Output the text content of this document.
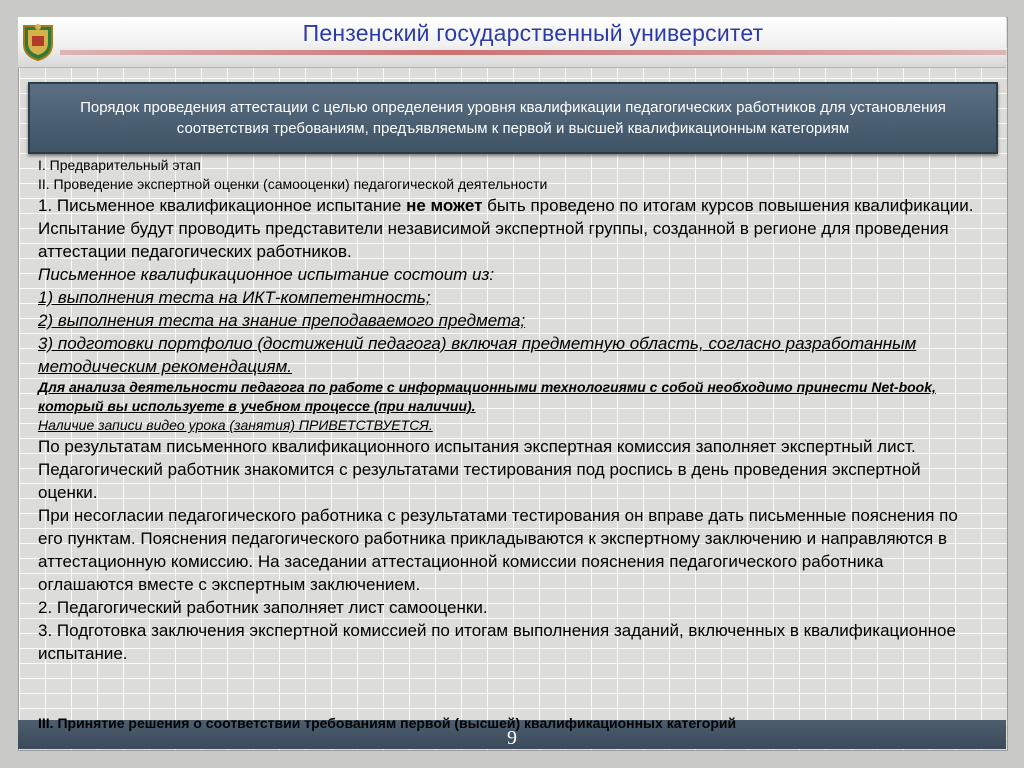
Пензенский государственный университет
Порядок проведения аттестации с целью определения уровня квалификации педагогических работников для установления соответствия требованиям, предъявляемым к первой и высшей квалификационным категориям
I. Предварительный этап
II. Проведение экспертной оценки (самооценки) педагогической деятельности
1. Письменное квалификационное испытание не может быть проведено по итогам курсов повышения квалификации. Испытание будут проводить представители независимой экспертной группы, созданной в регионе для проведения аттестации педагогических работников.
Письменное квалификационное испытание состоит из:
1) выполнения теста на ИКТ-компетентность;
2) выполнения теста на знание преподаваемого предмета;
3) подготовки портфолио (достижений педагога) включая предметную область, согласно разработанным методическим рекомендациям.
Для анализа деятельности педагога по работе с информационными технологиями с собой необходимо принести Net-book, который вы используете в учебном процессе (при наличии).
Наличие записи видео урока (занятия) ПРИВЕТСТВУЕТСЯ.
По результатам письменного квалификационного испытания экспертная комиссия заполняет экспертный лист. Педагогический работник знакомится с результатами тестирования под роспись в день проведения экспертной оценки.
При несогласии педагогического работника с результатами тестирования он вправе дать письменные пояснения по его пунктам. Пояснения педагогического работника прикладываются к экспертному заключению и направляются в аттестационную комиссию. На заседании аттестационной комиссии пояснения педагогического работника оглашаются вместе с экспертным заключением.
2. Педагогический работник заполняет лист самооценки.
3. Подготовка заключения экспертной комиссией по итогам выполнения заданий, включенных в квалификационное испытание.
III. Принятие решения о соответствии требованиям первой (высшей) квалификационных категорий
9
